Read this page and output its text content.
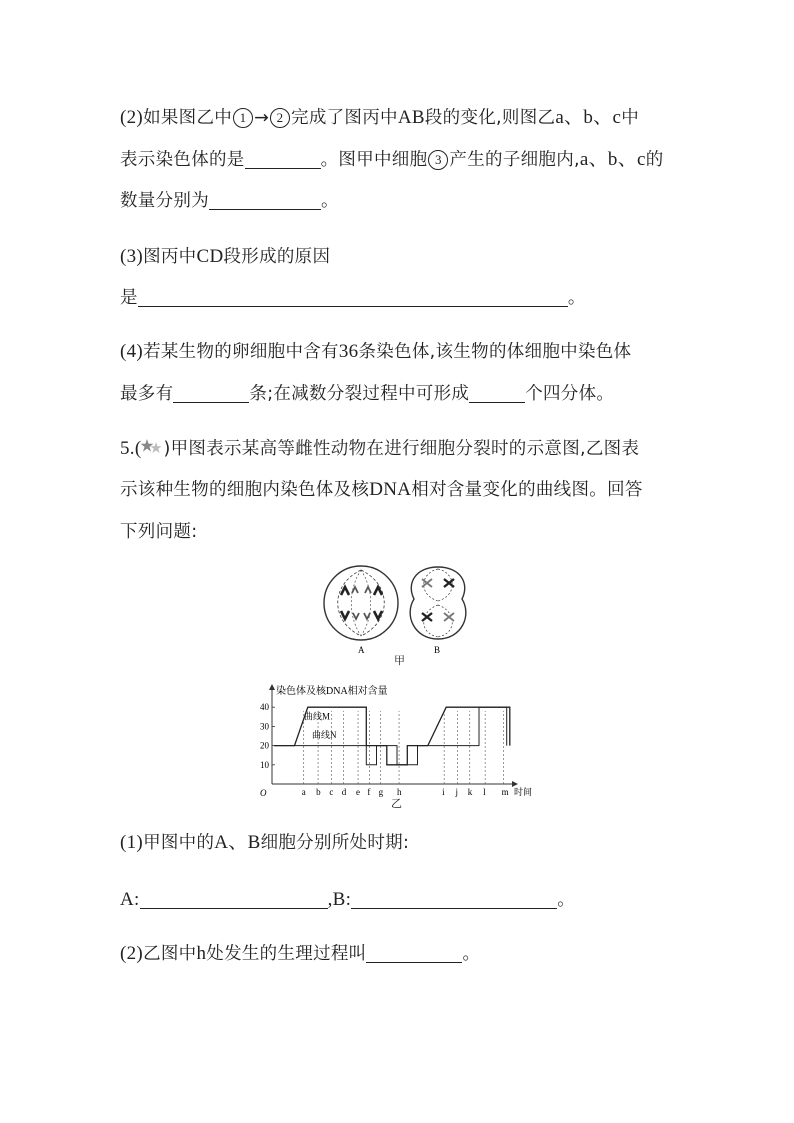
(2)如果图乙中 1 → 2 完成了图丙中AB段的变化,则图乙a、b、c中
表示染色体的是	。图甲中细胞 3 产生的子细胞内,a、b、c的
数量分别为	。
(3)图丙中CD段形成的原因
是	。
(4)若某生物的卵细胞中含有36条染色体,该生物的体细胞中染色体
最多有	条;在减数分裂过程中可形成	个四分体。
5.( )甲图表示某高等雌性动物在进行细胞分裂时的示意图,乙图表
示该种生物的细胞内染色体及核DNA相对含量变化的曲线图。回答
下列问题:
A	B
甲
染色体及核DNA相对含量
10
20
30
40
O	a b c d e f g h	i j k l m 时间
曲线M
曲线N
乙
(1)甲图中的A、B细胞分别所处时期:
A:	,B:	。
(2)乙图中h处发生的生理过程叫	。
